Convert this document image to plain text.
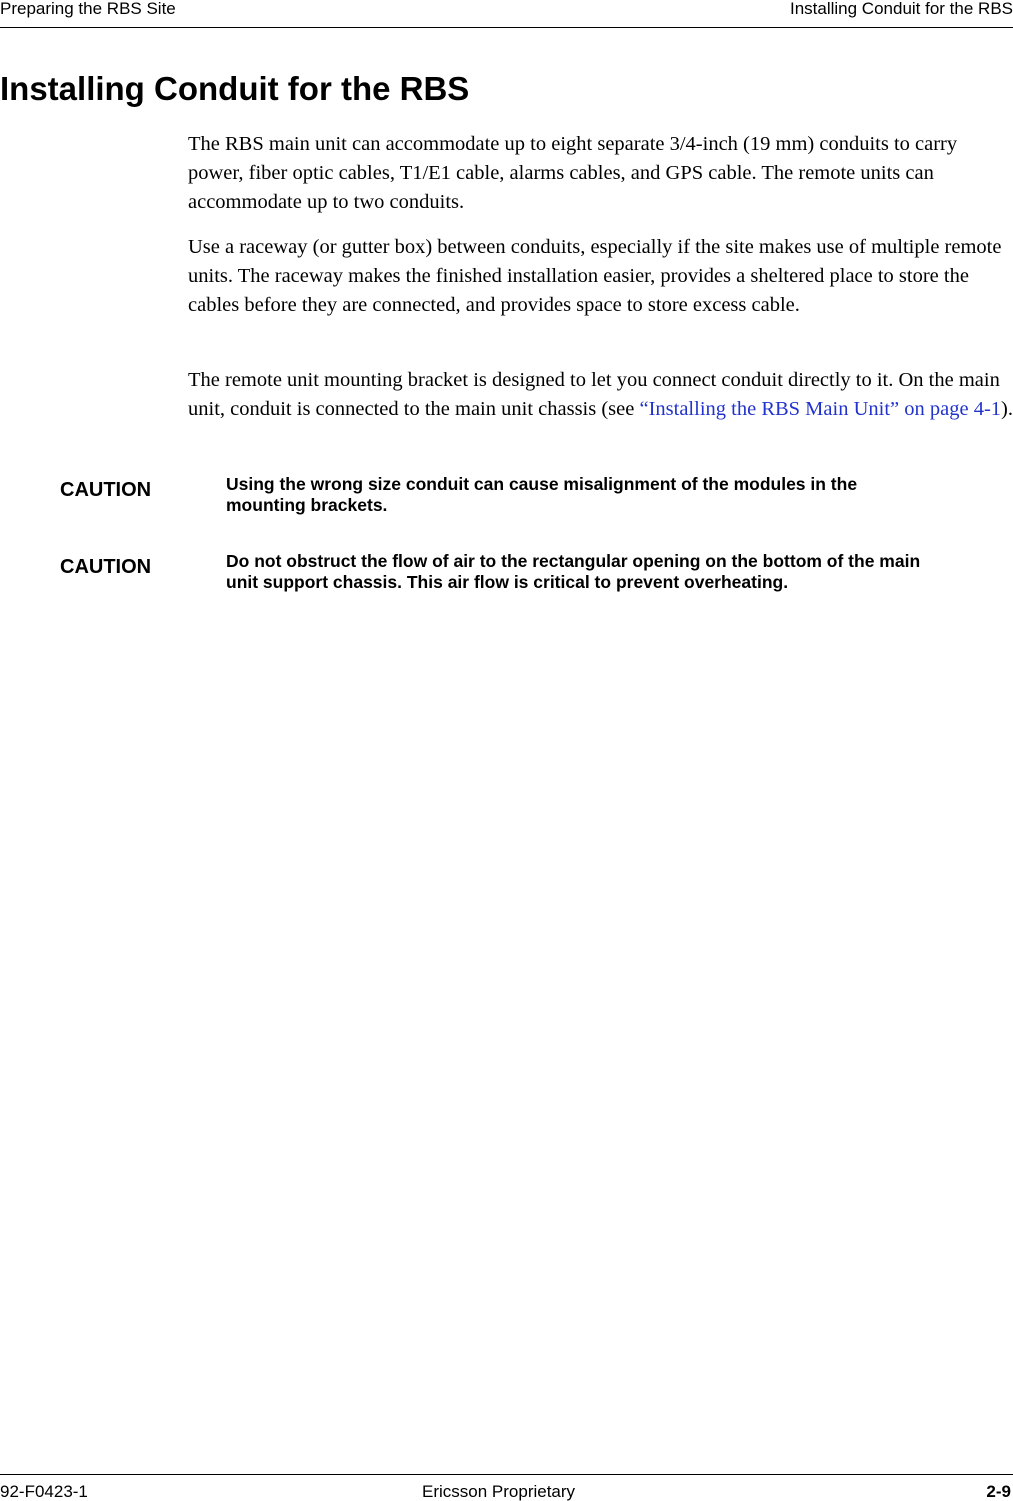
Preparing the RBS Site	Installing Conduit for the RBS
Installing Conduit for the RBS

The RBS main unit can accommodate up to eight separate 3/4-inch (19 mm) conduits to carry power, fiber optic cables, T1/E1 cable, alarms cables, and GPS cable. The remote units can accommodate up to two conduits.

Use a raceway (or gutter box) between conduits, especially if the site makes use of multiple remote units. The raceway makes the finished installation easier, provides a sheltered place to store the cables before they are connected, and provides space to store excess cable.

The remote unit mounting bracket is designed to let you connect conduit directly to it. On the main unit, conduit is connected to the main unit chassis (see “Installing the RBS Main Unit” on page 4-1).

CAUTION	Using the wrong size conduit can cause misalignment of the modules in the mounting brackets.

CAUTION	Do not obstruct the flow of air to the rectangular opening on the bottom of the main unit support chassis. This air flow is critical to prevent overheating.

92-F0423-1	Ericsson Proprietary	2-9
